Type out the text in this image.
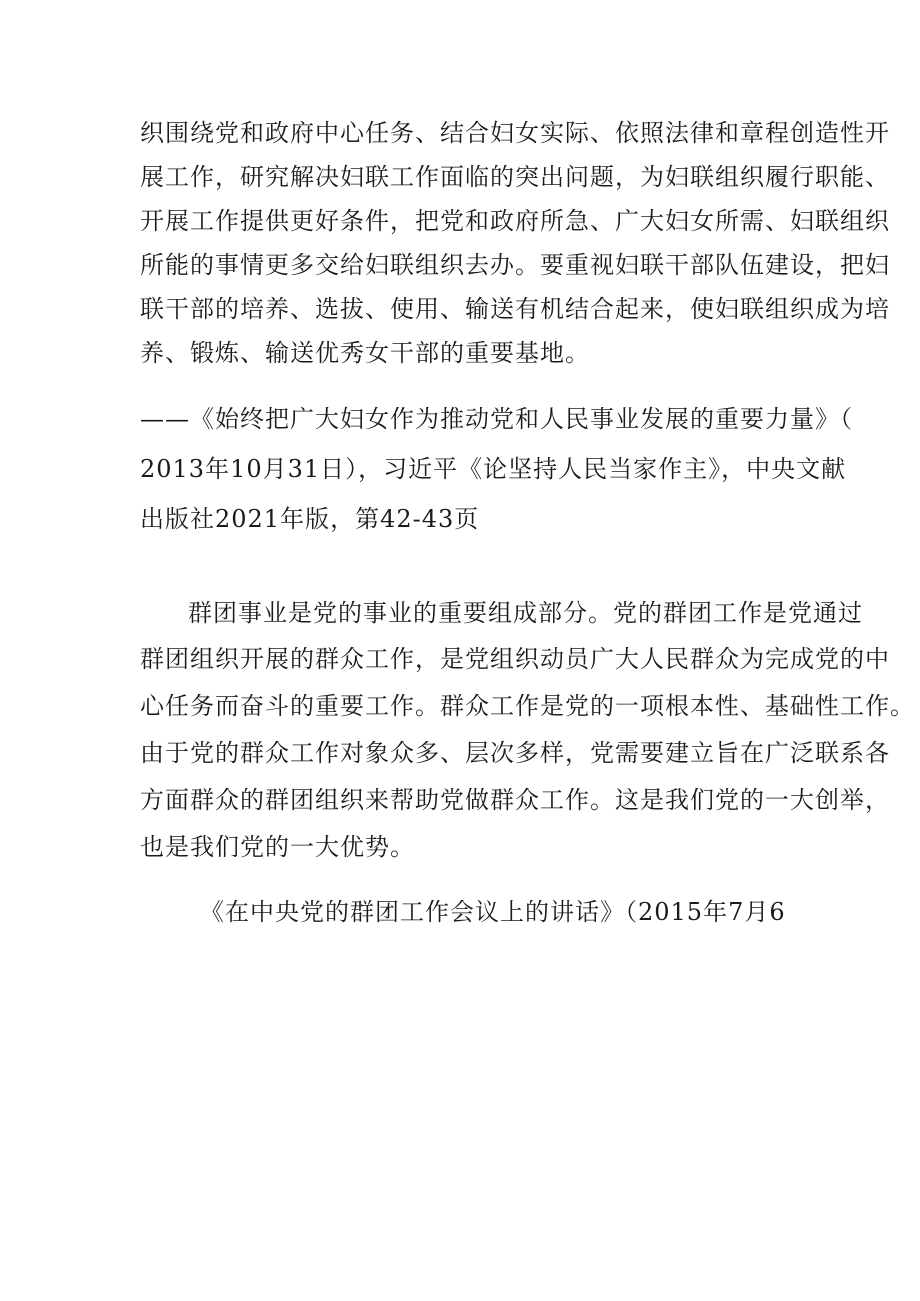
织围绕党和政府中心任务、结合妇女实际、依照法律和章程创造性开
展工作，研究解决妇联工作面临的突出问题，为妇联组织履行职能、
开展工作提供更好条件，把党和政府所急、广大妇女所需、妇联组织
所能的事情更多交给妇联组织去办。要重视妇联干部队伍建设，把妇
联干部的培养、选拔、使用、输送有机结合起来，使妇联组织成为培
养、锻炼、输送优秀女干部的重要基地。
——《始终把广大妇女作为推动党和人民事业发展的重要力量》（
2013年10月31日），习近平《论坚持人民当家作主》，中央文献
出版社2021年版，第42-43页
群团事业是党的事业的重要组成部分。党的群团工作是党通过
群团组织开展的群众工作，是党组织动员广大人民群众为完成党的中
心任务而奋斗的重要工作。群众工作是党的一项根本性、基础性工作。
由于党的群众工作对象众多、层次多样，党需要建立旨在广泛联系各
方面群众的群团组织来帮助党做群众工作。这是我们党的一大创举，
也是我们党的一大优势。
《在中央党的群团工作会议上的讲话》（2015年7月6
